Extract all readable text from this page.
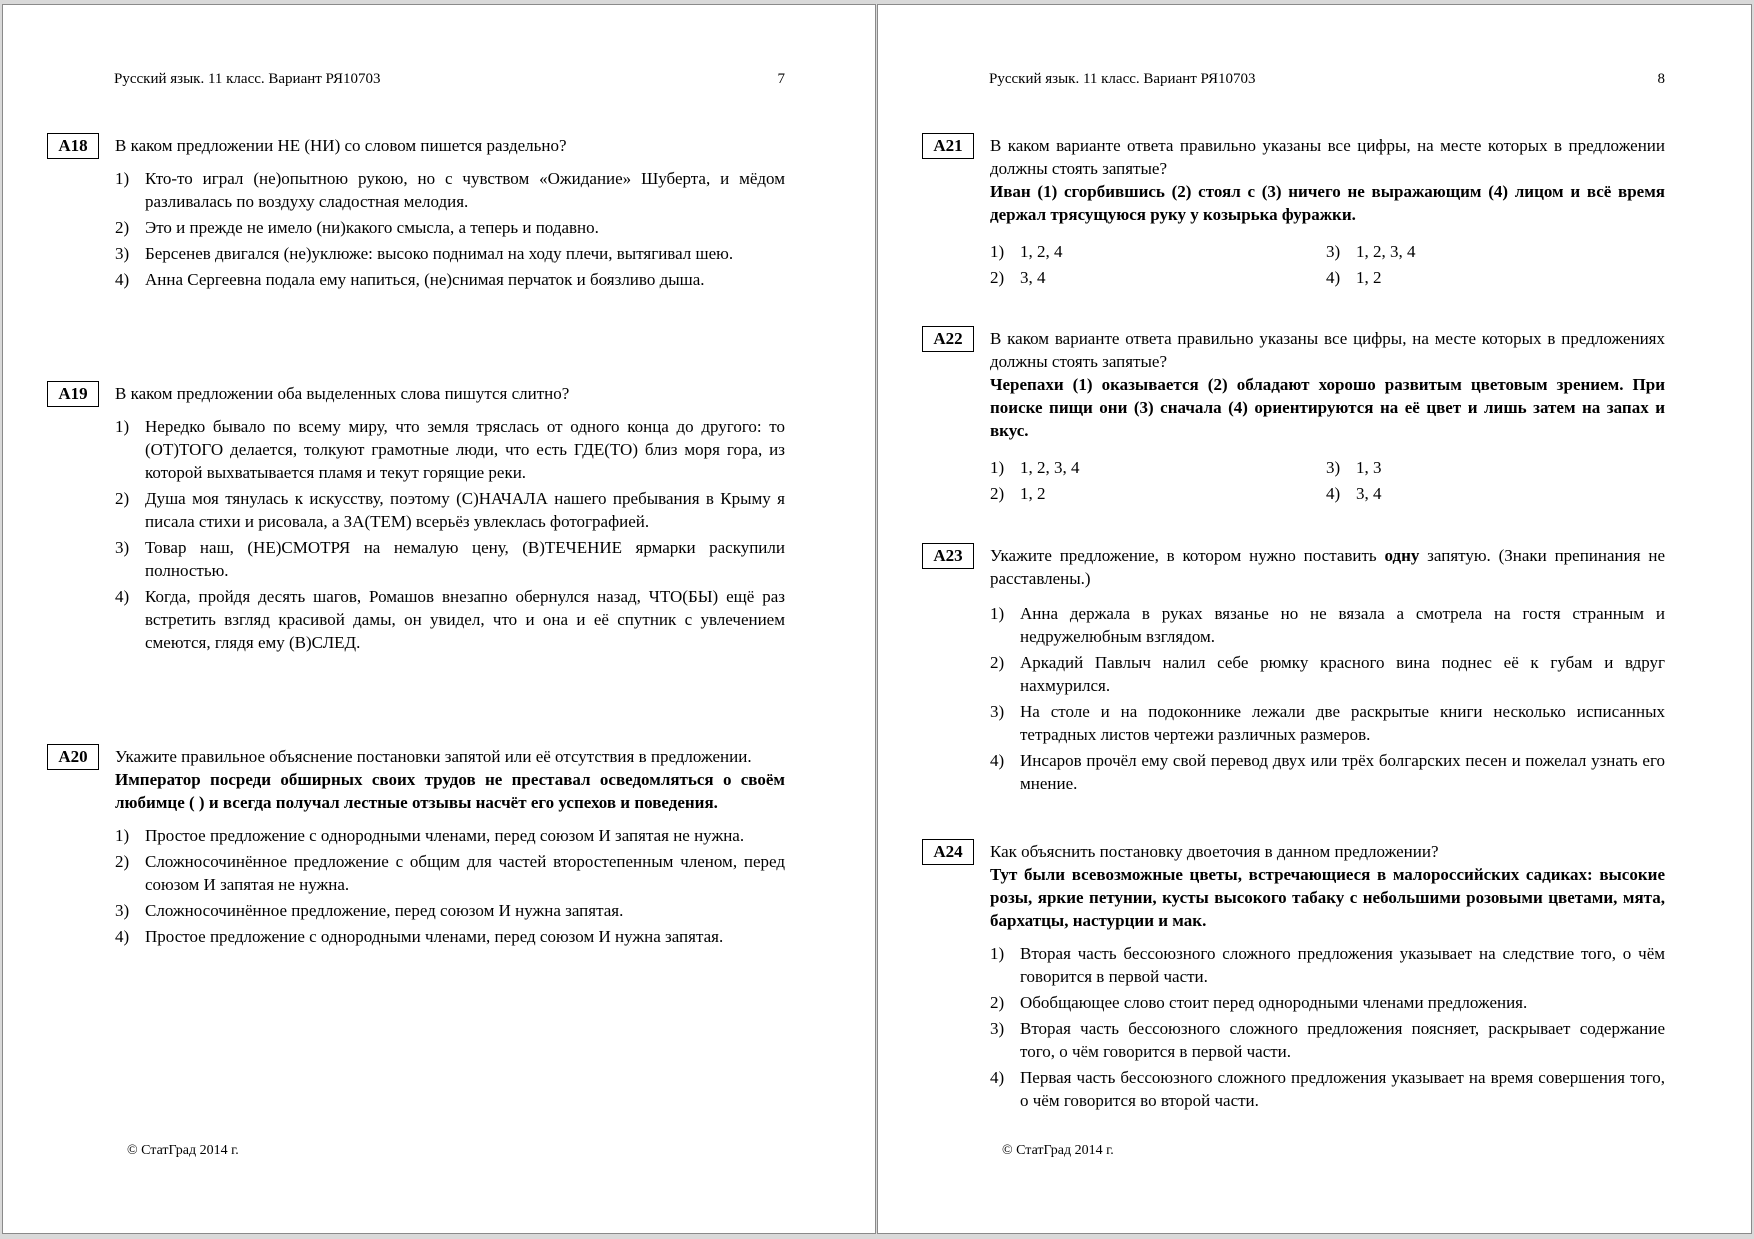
Русский язык. 11 класс. Вариант РЯ10703	7
А18	В каком предложении НЕ (НИ) со словом пишется раздельно?

1) Кто-то играл (не)опытною рукою, но с чувством «Ожидание» Шуберта, и мёдом разливалась по воздуху сладостная мелодия.
2) Это и прежде не имело (ни)какого смысла, а теперь и подавно.
3) Берсенев двигался (не)уклюже: высоко поднимал на ходу плечи, вытягивал шею.
4) Анна Сергеевна подала ему напиться, (не)снимая перчаток и боязливо дыша.
А19	В каком предложении оба выделенных слова пишутся слитно?

1) Нередко бывало по всему миру, что земля тряслась от одного конца до другого: то (ОТ)ТОГО делается, толкуют грамотные люди, что есть ГДЕ(ТО) близ моря гора, из которой выхватывается пламя и текут горящие реки.
2) Душа моя тянулась к искусству, поэтому (С)НАЧАЛА нашего пребывания в Крыму я писала стихи и рисовала, а ЗА(ТЕМ) всерьёз увлеклась фотографией.
3) Товар наш, (НЕ)СМОТРЯ на немалую цену, (В)ТЕЧЕНИЕ ярмарки раскупили полностью.
4) Когда, пройдя десять шагов, Ромашов внезапно обернулся назад, ЧТО(БЫ) ещё раз встретить взгляд красивой дамы, он увидел, что и она и её спутник с увлечением смеются, глядя ему (В)СЛЕД.
А20	Укажите правильное объяснение постановки запятой или её отсутствия в предложении.

Император посреди обширных своих трудов не преставал осведомляться о своём любимце ( ) и всегда получал лестные отзывы насчёт его успехов и поведения.

1) Простое предложение с однородными членами, перед союзом И запятая не нужна.
2) Сложносочинённое предложение с общим для частей второстепенным членом, перед союзом И запятая не нужна.
3) Сложносочинённое предложение, перед союзом И нужна запятая.
4) Простое предложение с однородными членами, перед союзом И нужна запятая.
© СтатГрад 2014 г.
Русский язык. 11 класс. Вариант РЯ10703	8
А21	В каком варианте ответа правильно указаны все цифры, на месте которых в предложении должны стоять запятые?

Иван (1) сгорбившись (2) стоял с (3) ничего не выражающим (4) лицом и всё время держал трясущуюся руку у козырька фуражки.

1) 1, 2, 4	3) 1, 2, 3, 4
2) 3, 4	4) 1, 2
А22	В каком варианте ответа правильно указаны все цифры, на месте которых в предложениях должны стоять запятые?

Черепахи (1) оказывается (2) обладают хорошо развитым цветовым зрением. При поиске пищи они (3) сначала (4) ориентируются на её цвет и лишь затем на запах и вкус.

1) 1, 2, 3, 4	3) 1, 3
2) 1, 2	4) 3, 4
А23	Укажите предложение, в котором нужно поставить одну запятую. (Знаки препинания не расставлены.)

1) Анна держала в руках вязанье но не вязала а смотрела на гостя странным и недружелюбным взглядом.
2) Аркадий Павлыч налил себе рюмку красного вина поднес её к губам и вдруг нахмурился.
3) На столе и на подоконнике лежали две раскрытые книги несколько исписанных тетрадных листов чертежи различных размеров.
4) Инсаров прочёл ему свой перевод двух или трёх болгарских песен и пожелал узнать его мнение.
А24	Как объяснить постановку двоеточия в данном предложении?

Тут были всевозможные цветы, встречающиеся в малороссийских садиках: высокие розы, яркие петунии, кусты высокого табаку с небольшими розовыми цветами, мята, бархатцы, настурции и мак.

1) Вторая часть бессоюзного сложного предложения указывает на следствие того, о чём говорится в первой части.
2) Обобщающее слово стоит перед однородными членами предложения.
3) Вторая часть бессоюзного сложного предложения поясняет, раскрывает содержание того, о чём говорится в первой части.
4) Первая часть бессоюзного сложного предложения указывает на время совершения того, о чём говорится во второй части.
© СтатГрад 2014 г.
